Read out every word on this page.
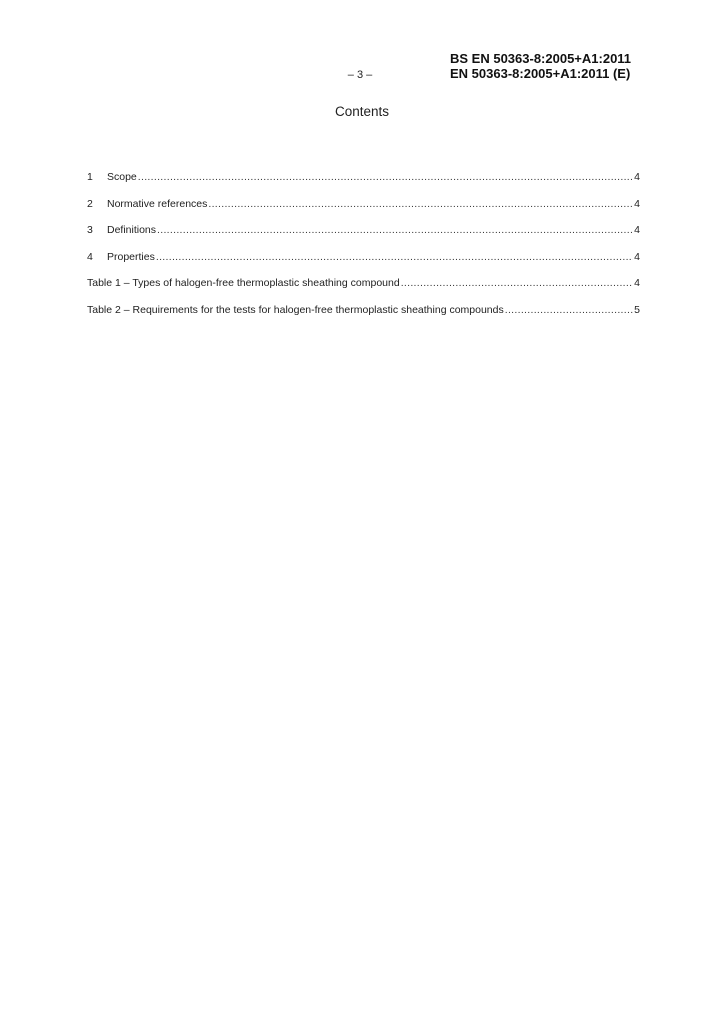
BS EN 50363-8:2005+A1:2011
– 3 –	EN 50363-8:2005+A1:2011 (E)
Contents
1	Scope .....	4
2	Normative references .....	4
3	Definitions .....	4
4	Properties .....	4
Table 1 – Types of halogen-free thermoplastic sheathing compound .....	4
Table 2 – Requirements for the tests for halogen-free thermoplastic sheathing compounds .....	5
